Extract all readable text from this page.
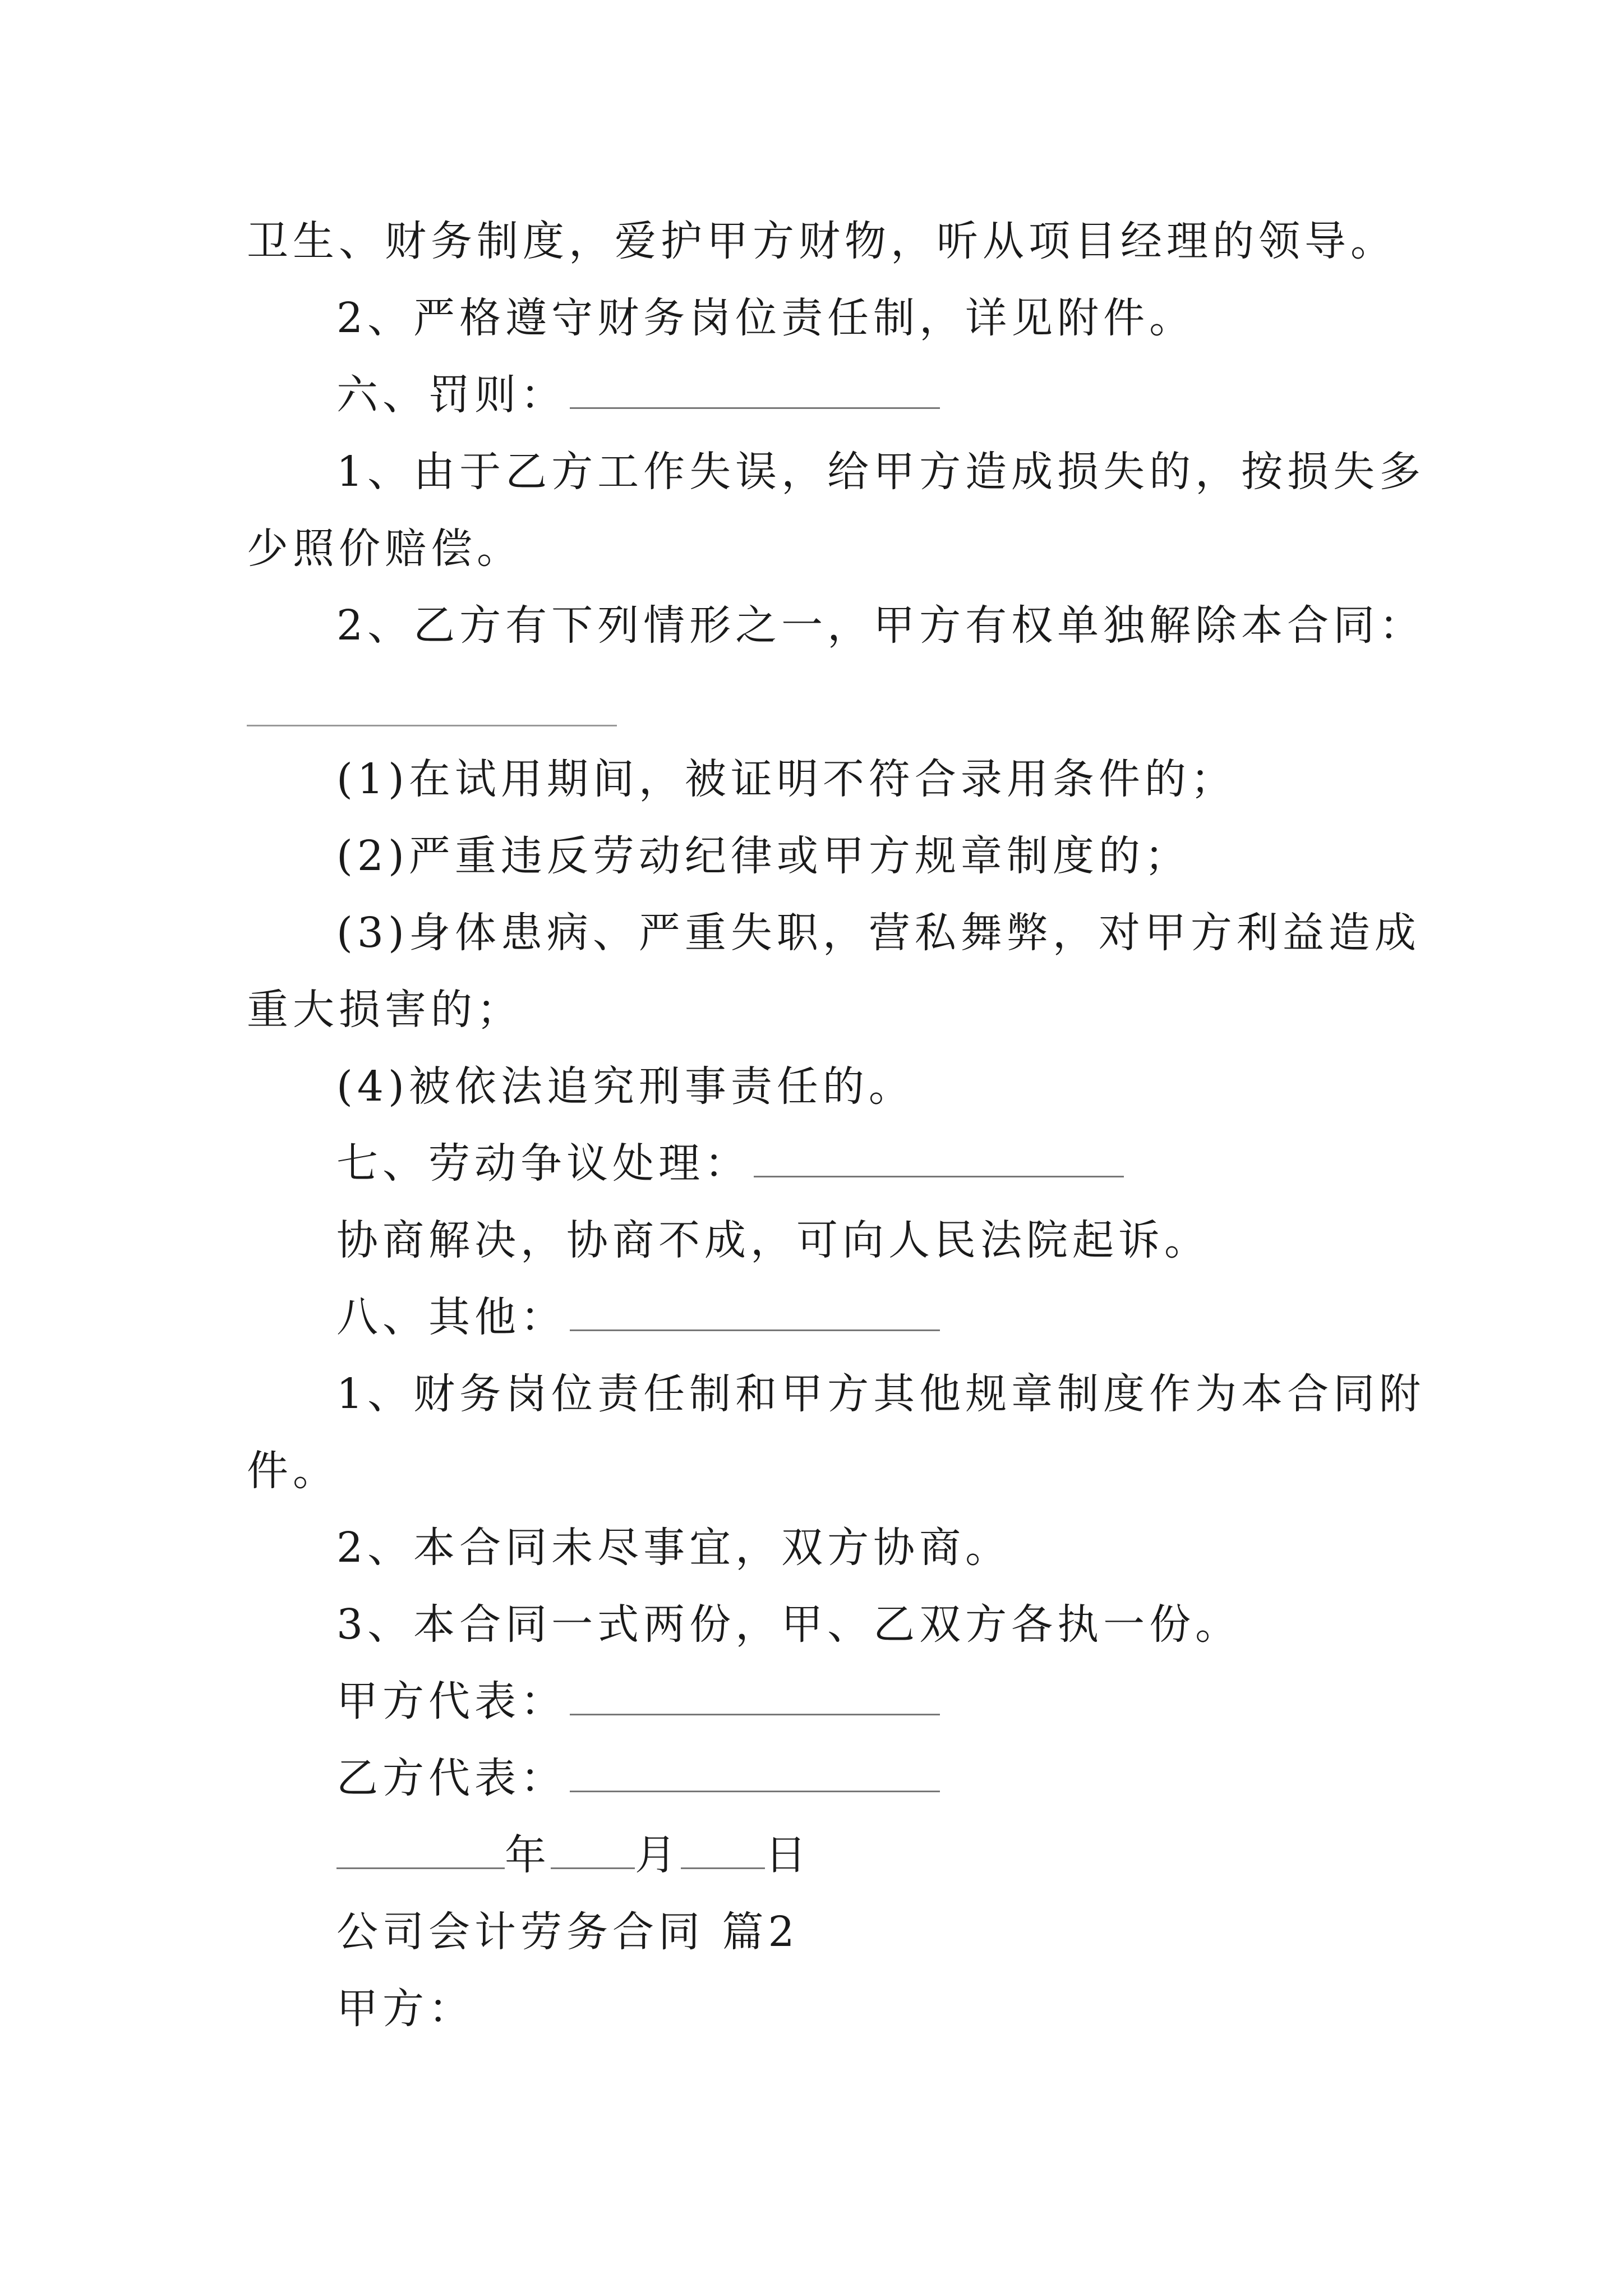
卫生、财务制度，爱护甲方财物，听从项目经理的领导。
2、严格遵守财务岗位责任制，详见附件。
六、罚则：
1、由于乙方工作失误，给甲方造成损失的，按损失多
少照价赔偿。
2、乙方有下列情形之一，甲方有权单独解除本合同：
(1)在试用期间，被证明不符合录用条件的；
(2)严重违反劳动纪律或甲方规章制度的；
(3)身体患病、严重失职，营私舞弊，对甲方利益造成
重大损害的；
(4)被依法追究刑事责任的。
七、劳动争议处理：
协商解决，协商不成，可向人民法院起诉。
八、其他：
1、财务岗位责任制和甲方其他规章制度作为本合同附
件。
2、本合同未尽事宜，双方协商。
3、本合同一式两份，甲、乙双方各执一份。
甲方代表：
乙方代表：
年 月 日
公司会计劳务合同 篇2
甲方：
